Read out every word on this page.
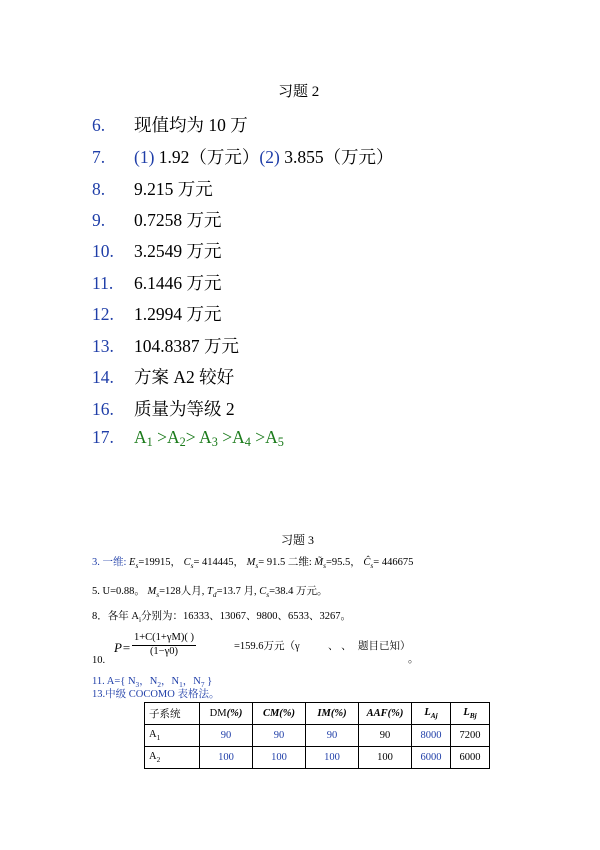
习题 2
6. 现值均为 10 万
7. (1) 1.92（万元）(2) 3.855（万元）
8. 9.215 万元
9. 0.7258 万元
10. 3.2549 万元
11. 6.1446 万元
12. 1.2994 万元
13. 104.8387 万元
14. 方案 A2 较好
16. 质量为等级 2
17. $A_1 >A_2> A_3 >A_4 >A_5$
习题 3
3. 一维: $E_s=19915$， $C_s= 414445$， $M_s= 91.5$ 二维: $M̃_s=95.5$， $Ĉ_s= 446675$
5. U=0.88。 $M_s=128$人月, $T_d=13.7$ 月, $C_s=38.4$ 万元。
8．各年 $A_i$分别为：16333、13067、9800、6533、3267。
10.
$P= \frac{1+C(1+\gamma M)( )}{(1-\gamma 0)}$	=159.6万元（γ	、 、 题目已知）
。
11. A={ $N_3$，$N_2$，$N_1$，$N_7$ }
13.中级 COCOMO 表格法。
子系统	DM(%)	CM(%)	IM(%)	AAF(%)	$L_{Aj}$	$L_{Bj}$
$A_1$	90	90	90	90	8000	7200
$A_2$	100	100	100	100	6000	6000
